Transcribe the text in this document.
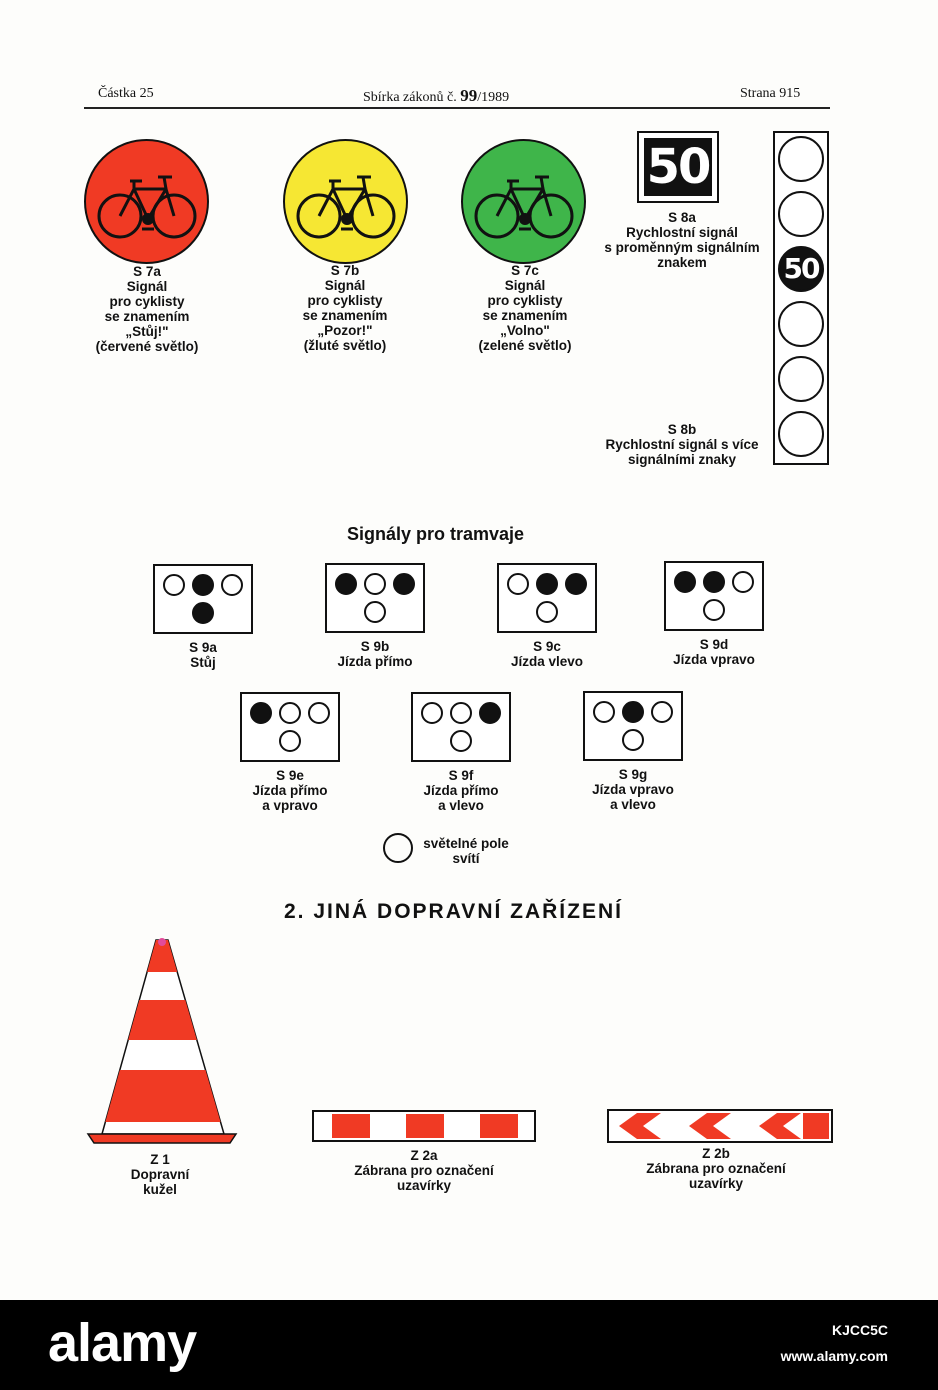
Částka 25	Sbírka zákonů č. 99/1989	Strana 915
S 7a
Signál
pro cyklisty
se znamením
„Stůj!"
(červené světlo)
S 7b
Signál
pro cyklisty
se znamením
„Pozor!"
(žluté světlo)
S 7c
Signál
pro cyklisty
se znamením
„Volno"
(zelené světlo)
50
S 8a
Rychlostní signál
s proměnným signálním
znakem	50
S 8b
Rychlostní signál s více
signálními znaky
Signály pro tramvaje
S 9a
Stůj
S 9b
Jízda přímo
S 9c
Jízda vlevo
S 9d
Jízda vpravo
S 9e
Jízda přímo
a vpravo
S 9f
Jízda přímo
a vlevo
S 9g
Jízda vpravo
a vlevo
světelné pole
svítí
2. JINÁ DOPRAVNÍ ZAŘÍZENÍ
Z 1
Dopravní
kužel
Z 2a
Zábrana pro označení
uzavírky
Z 2b
Zábrana pro označení
uzavírky
alamy	KJCC5C
www.alamy.com
